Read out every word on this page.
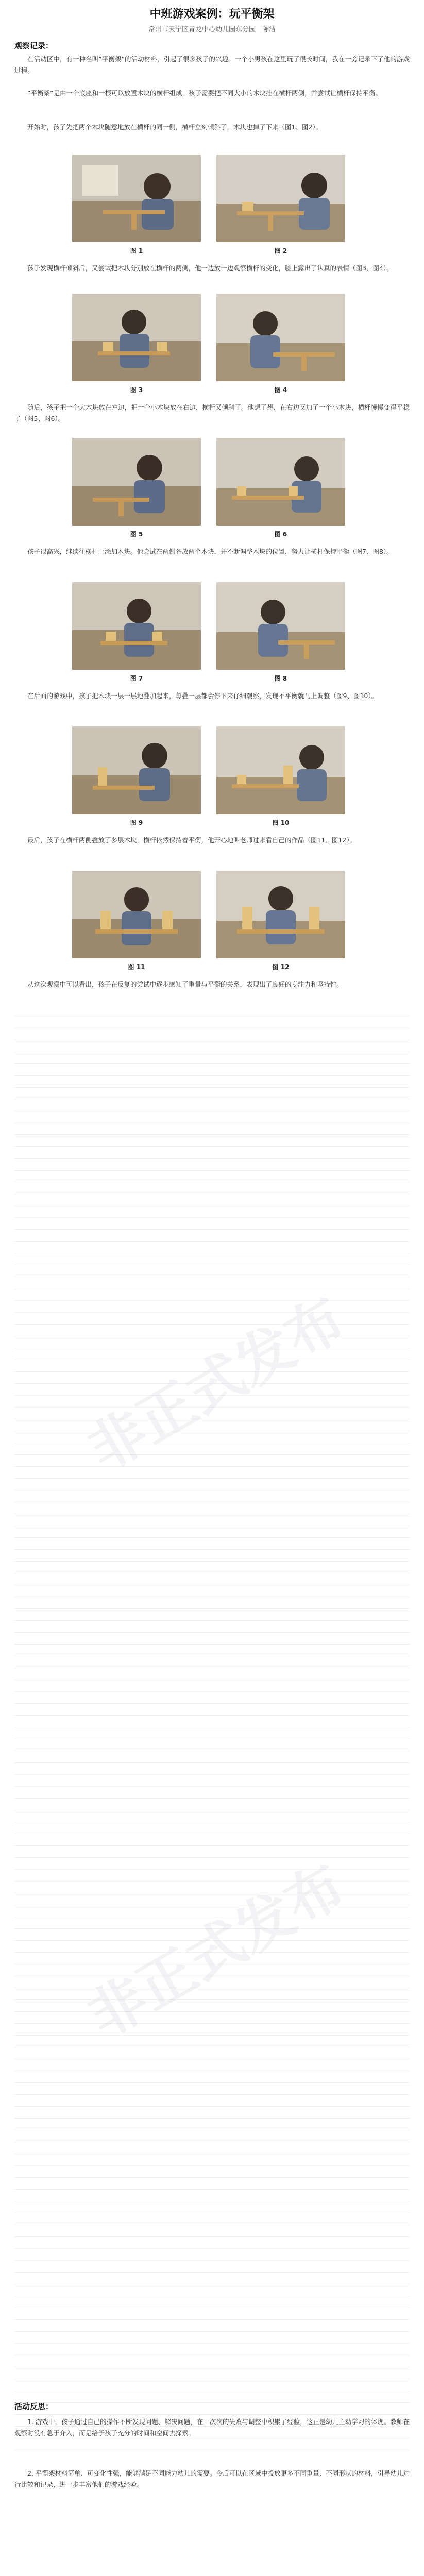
中班游戏案例：玩平衡架
常州市天宁区青龙中心幼儿园东分园　陈洁
观察记录：
在活动区中，有一种名叫“平衡架”的活动材料，引起了很多孩子的兴趣。一个小男孩在这里玩了很长时间，我在一旁记录下了他的游戏过程。
“平衡架”是由一个底座和一根可以放置木块的横杆组成，孩子需要把不同大小的木块挂在横杆两侧，并尝试让横杆保持平衡。
开始时，孩子先把两个木块随意地放在横杆的同一侧，横杆立刻倾斜了，木块也掉了下来（图1、图2）。
图 1	图 2
孩子发现横杆倾斜后，又尝试把木块分别放在横杆的两侧，他一边放一边观察横杆的变化，脸上露出了认真的表情（图3、图4）。
图 3	图 4
随后，孩子把一个大木块放在左边，把一个小木块放在右边，横杆又倾斜了。他想了想，在右边又加了一个小木块，横杆慢慢变得平稳了（图5、图6）。
图 5	图 6
孩子很高兴，继续往横杆上添加木块。他尝试在两侧各放两个木块，并不断调整木块的位置，努力让横杆保持平衡（图7、图8）。
图 7	图 8
在后面的游戏中，孩子把木块一层一层地叠加起来，每叠一层都会停下来仔细观察，发现不平衡就马上调整（图9、图10）。
图 9	图 10
最后，孩子在横杆两侧叠放了多层木块，横杆依然保持着平衡，他开心地叫老师过来看自己的作品（图11、图12）。
图 11	图 12
从这次观察中可以看出，孩子在反复的尝试中逐步感知了重量与平衡的关系，表现出了良好的专注力和坚持性。
活动反思：
1. 游戏中，孩子通过自己的操作不断发现问题、解决问题，在一次次的失败与调整中积累了经验，这正是幼儿主动学习的体现。教师在观察时没有急于介入，而是给予孩子充分的时间和空间去探索。
2. 平衡架材料简单、可变化性强，能够满足不同能力幼儿的需要。今后可以在区域中投放更多不同重量、不同形状的材料，引导幼儿进行比较和记录，进一步丰富他们的游戏经验。
非正式发布
非正式发布
